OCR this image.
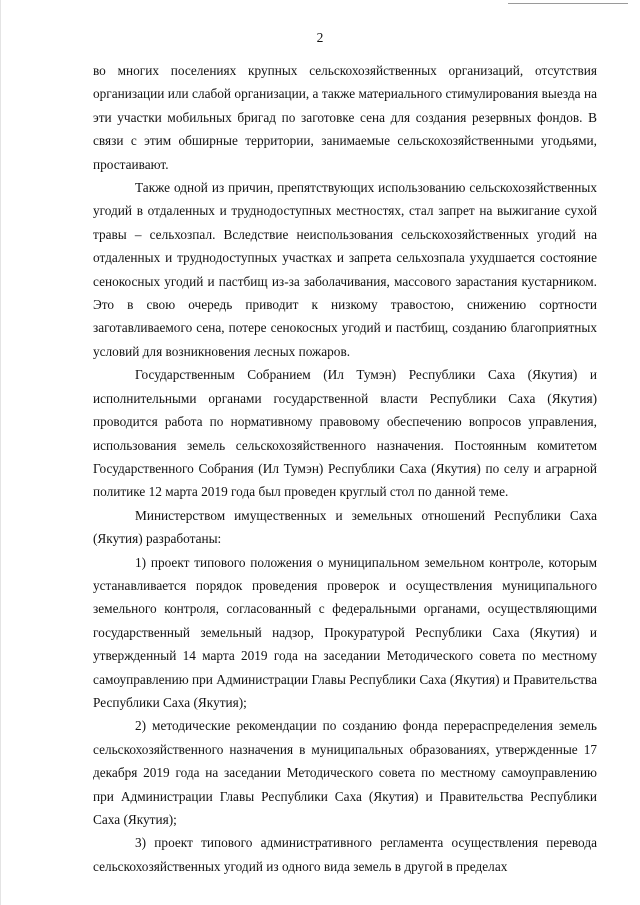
2

во многих поселениях крупных сельскохозяйственных организаций, отсутствия организации или слабой организации, а также материального стимулирования выезда на эти участки мобильных бригад по заготовке сена для создания резервных фондов. В связи с этим обширные территории, занимаемые сельскохозяйственными угодьями, простаивают.

Также одной из причин, препятствующих использованию сельскохозяйственных угодий в отдаленных и труднодоступных местностях, стал запрет на выжигание сухой травы – сельхозпал. Вследствие неиспользования сельскохозяйственных угодий на отдаленных и труднодоступных участках и запрета сельхозпала ухудшается состояние сенокосных угодий и пастбищ из-за заболачивания, массового зарастания кустарником. Это в свою очередь приводит к низкому травостою, снижению сортности заготавливаемого сена, потере сенокосных угодий и пастбищ, созданию благоприятных условий для возникновения лесных пожаров.

Государственным Собранием (Ил Тумэн) Республики Саха (Якутия) и исполнительными органами государственной власти Республики Саха (Якутия) проводится работа по нормативному правовому обеспечению вопросов управления, использования земель сельскохозяйственного назначения. Постоянным комитетом Государственного Собрания (Ил Тумэн) Республики Саха (Якутия) по селу и аграрной политике 12 марта 2019 года был проведен круглый стол по данной теме.

Министерством имущественных и земельных отношений Республики Саха (Якутия) разработаны:

1) проект типового положения о муниципальном земельном контроле, которым устанавливается порядок проведения проверок и осуществления муниципального земельного контроля, согласованный с федеральными органами, осуществляющими государственный земельный надзор, Прокуратурой Республики Саха (Якутия) и утвержденный 14 марта 2019 года на заседании Методического совета по местному самоуправлению при Администрации Главы Республики Саха (Якутия) и Правительства Республики Саха (Якутия);

2) методические рекомендации по созданию фонда перераспределения земель сельскохозяйственного назначения в муниципальных образованиях, утвержденные 17 декабря 2019 года на заседании Методического совета по местному самоуправлению при Администрации Главы Республики Саха (Якутия) и Правительства Республики Саха (Якутия);

3) проект типового административного регламента осуществления перевода сельскохозяйственных угодий из одного вида земель в другой в пределах
